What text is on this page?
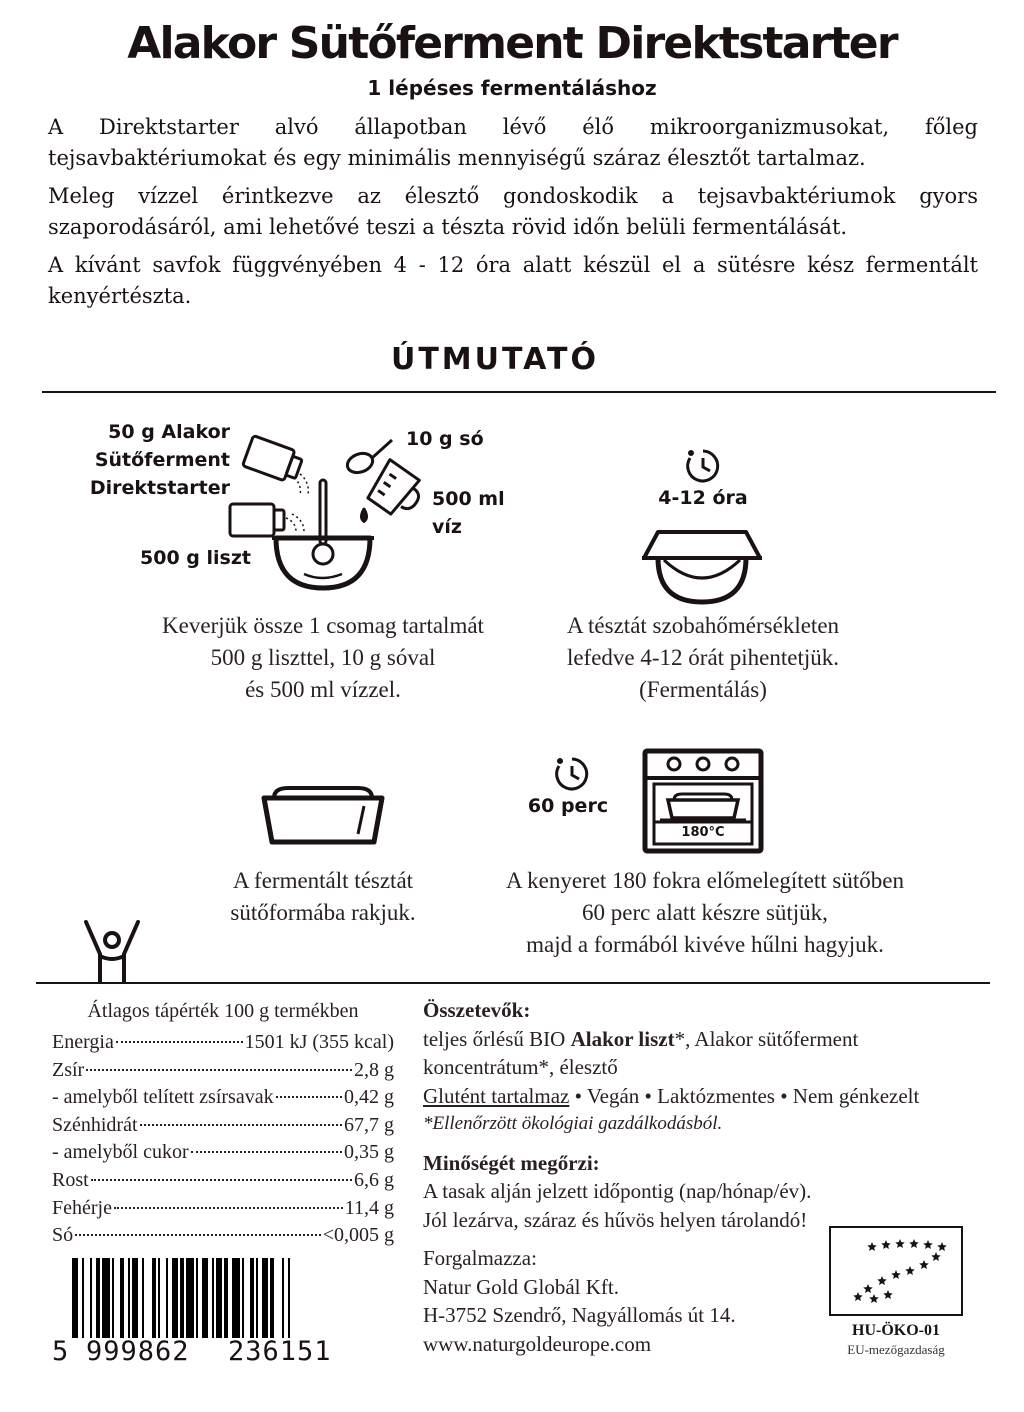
Alakor Sütőferment Direktstarter
1 lépéses fermentáláshoz

A Direktstarter alvó állapotban lévő élő mikroorganizmusokat, főleg tejsavbaktériumokat és egy minimális mennyiségű száraz élesztőt tartalmaz.

Meleg vízzel érintkezve az élesztő gondoskodik a tejsavbaktériumok gyors szaporodásáról, ami lehetővé teszi a tészta rövid időn belüli fermentálását.

A kívánt savfok függvényében 4 - 12 óra alatt készül el a sütésre kész fermentált kenyértészta.

ÚTMUTATÓ
50 g Alakor
Sütőferment
Direktstarter
10 g só
500 ml
víz
500 g liszt
Keverjük össze 1 csomag tartalmát
500 g liszttel, 10 g sóval
és 500 ml vízzel.
4-12 óra
A tésztát szobahőmérsékleten
lefedve 4-12 órát pihentetjük.
(Fermentálás)
A fermentált tésztát
sütőformába rakjuk.
60 perc
180°C
A kenyeret 180 fokra előmelegített sütőben
60 perc alatt készre sütjük,
majd a formából kivéve hűlni hagyjuk.
Átlagos tápérték 100 g termékben
Energia	1501 kJ (355 kcal)
Zsír	2,8 g
- amelyből telített zsírsavak	0,42 g
Szénhidrát	67,7 g
- amelyből cukor	0,35 g
Rost	6,6 g
Fehérje	11,4 g
Só	<0,005 g
5 999862 236151
Összetevők:
teljes őrlésű BIO Alakor liszt*, Alakor sütőferment
koncentrátum*, élesztő
Glutént tartalmaz • Vegán • Laktózmentes • Nem génkezelt
*Ellenőrzött ökológiai gazdálkodásból.
Minőségét megőrzi:
A tasak alján jelzett időpontig (nap/hónap/év).
Jól lezárva, száraz és hűvös helyen tárolandó!
Forgalmazza:
Natur Gold Globál Kft.
H-3752 Szendrő, Nagyállomás út 14.
www.naturgoldeurope.com
HU-ÖKO-01
EU-mezőgazdaság
